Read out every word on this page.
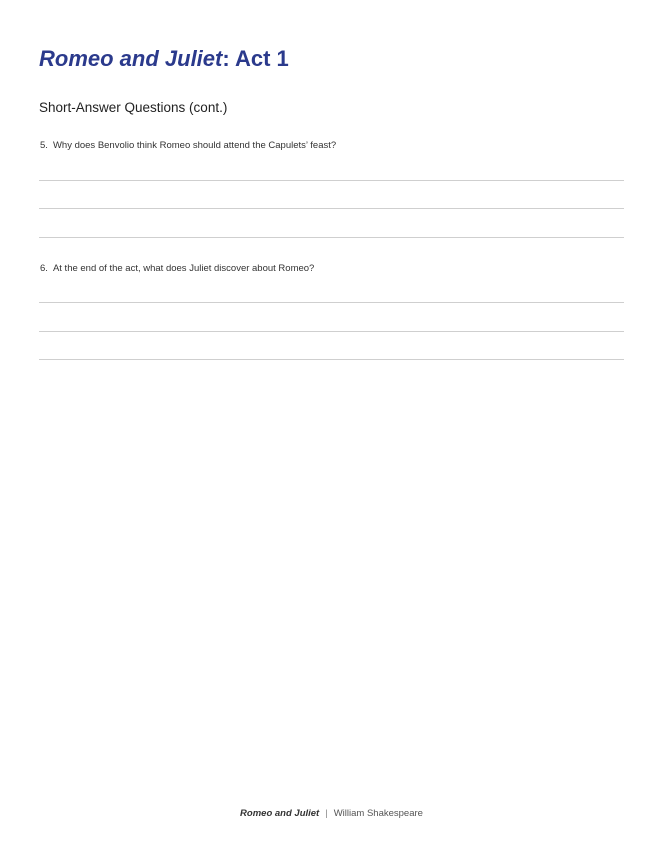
Romeo and Juliet: Act 1
Short-Answer Questions (cont.)

5. Why does Benvolio think Romeo should attend the Capulets’ feast?

6. At the end of the act, what does Juliet discover about Romeo?

Romeo and Juliet | William Shakespeare
